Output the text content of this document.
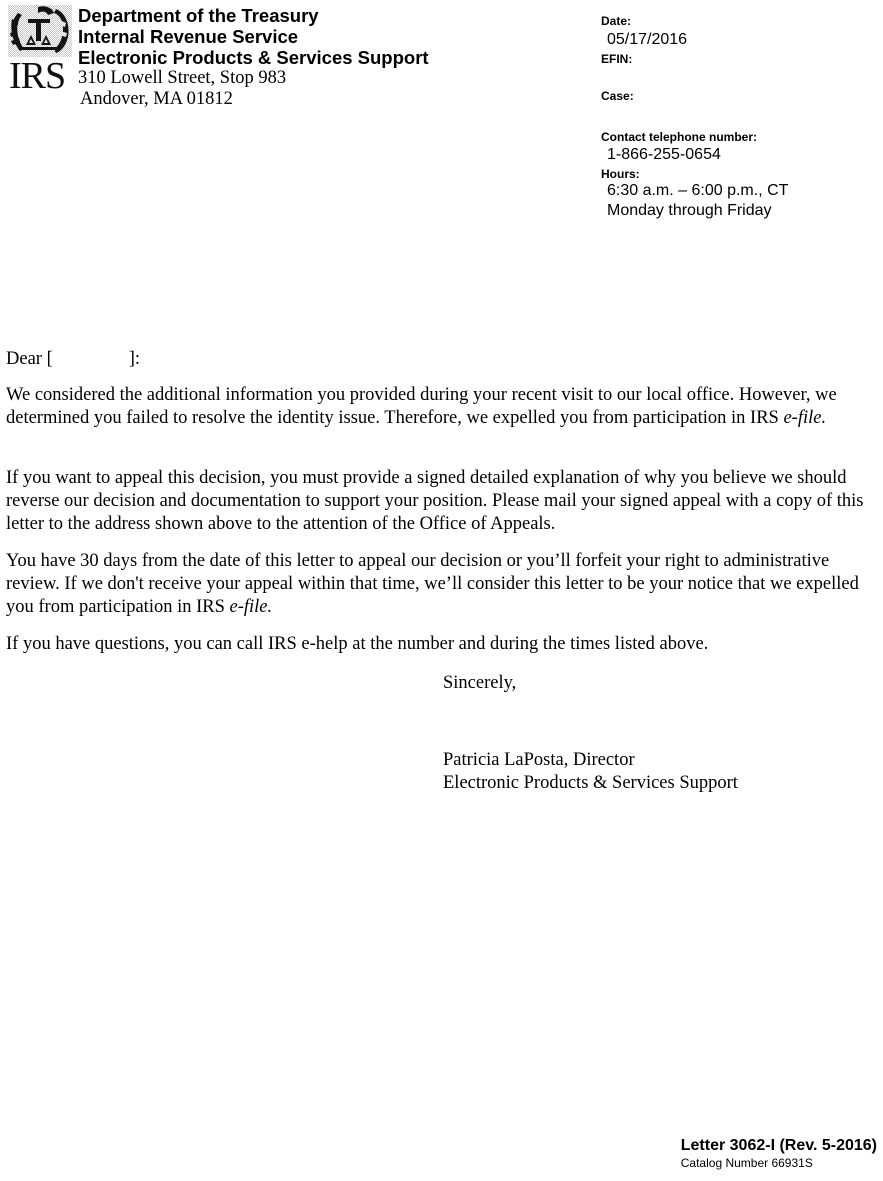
IRS
Department of the Treasury
Internal Revenue Service
Electronic Products & Services Support
310 Lowell Street, Stop 983
Andover, MA 01812
Date:
05/17/2016
EFIN:
Case:
Contact telephone number:
1-866-255-0654
Hours:
6:30 a.m. – 6:00 p.m., CT
Monday through Friday
Dear [	]:

We considered the additional information you provided during your recent visit to our local office. However, we determined you failed to resolve the identity issue. Therefore, we expelled you from participation in IRS e-file.

If you want to appeal this decision, you must provide a signed detailed explanation of why you believe we should reverse our decision and documentation to support your position. Please mail your signed appeal with a copy of this letter to the address shown above to the attention of the Office of Appeals.

You have 30 days from the date of this letter to appeal our decision or you’ll forfeit your right to administrative review. If we don't receive your appeal within that time, we’ll consider this letter to be your notice that we expelled you from participation in IRS e-file.

If you have questions, you can call IRS e-help at the number and during the times listed above.

Sincerely,
Patricia LaPosta, Director
Electronic Products & Services Support
Letter 3062-I (Rev. 5-2016)
Catalog Number 66931S
